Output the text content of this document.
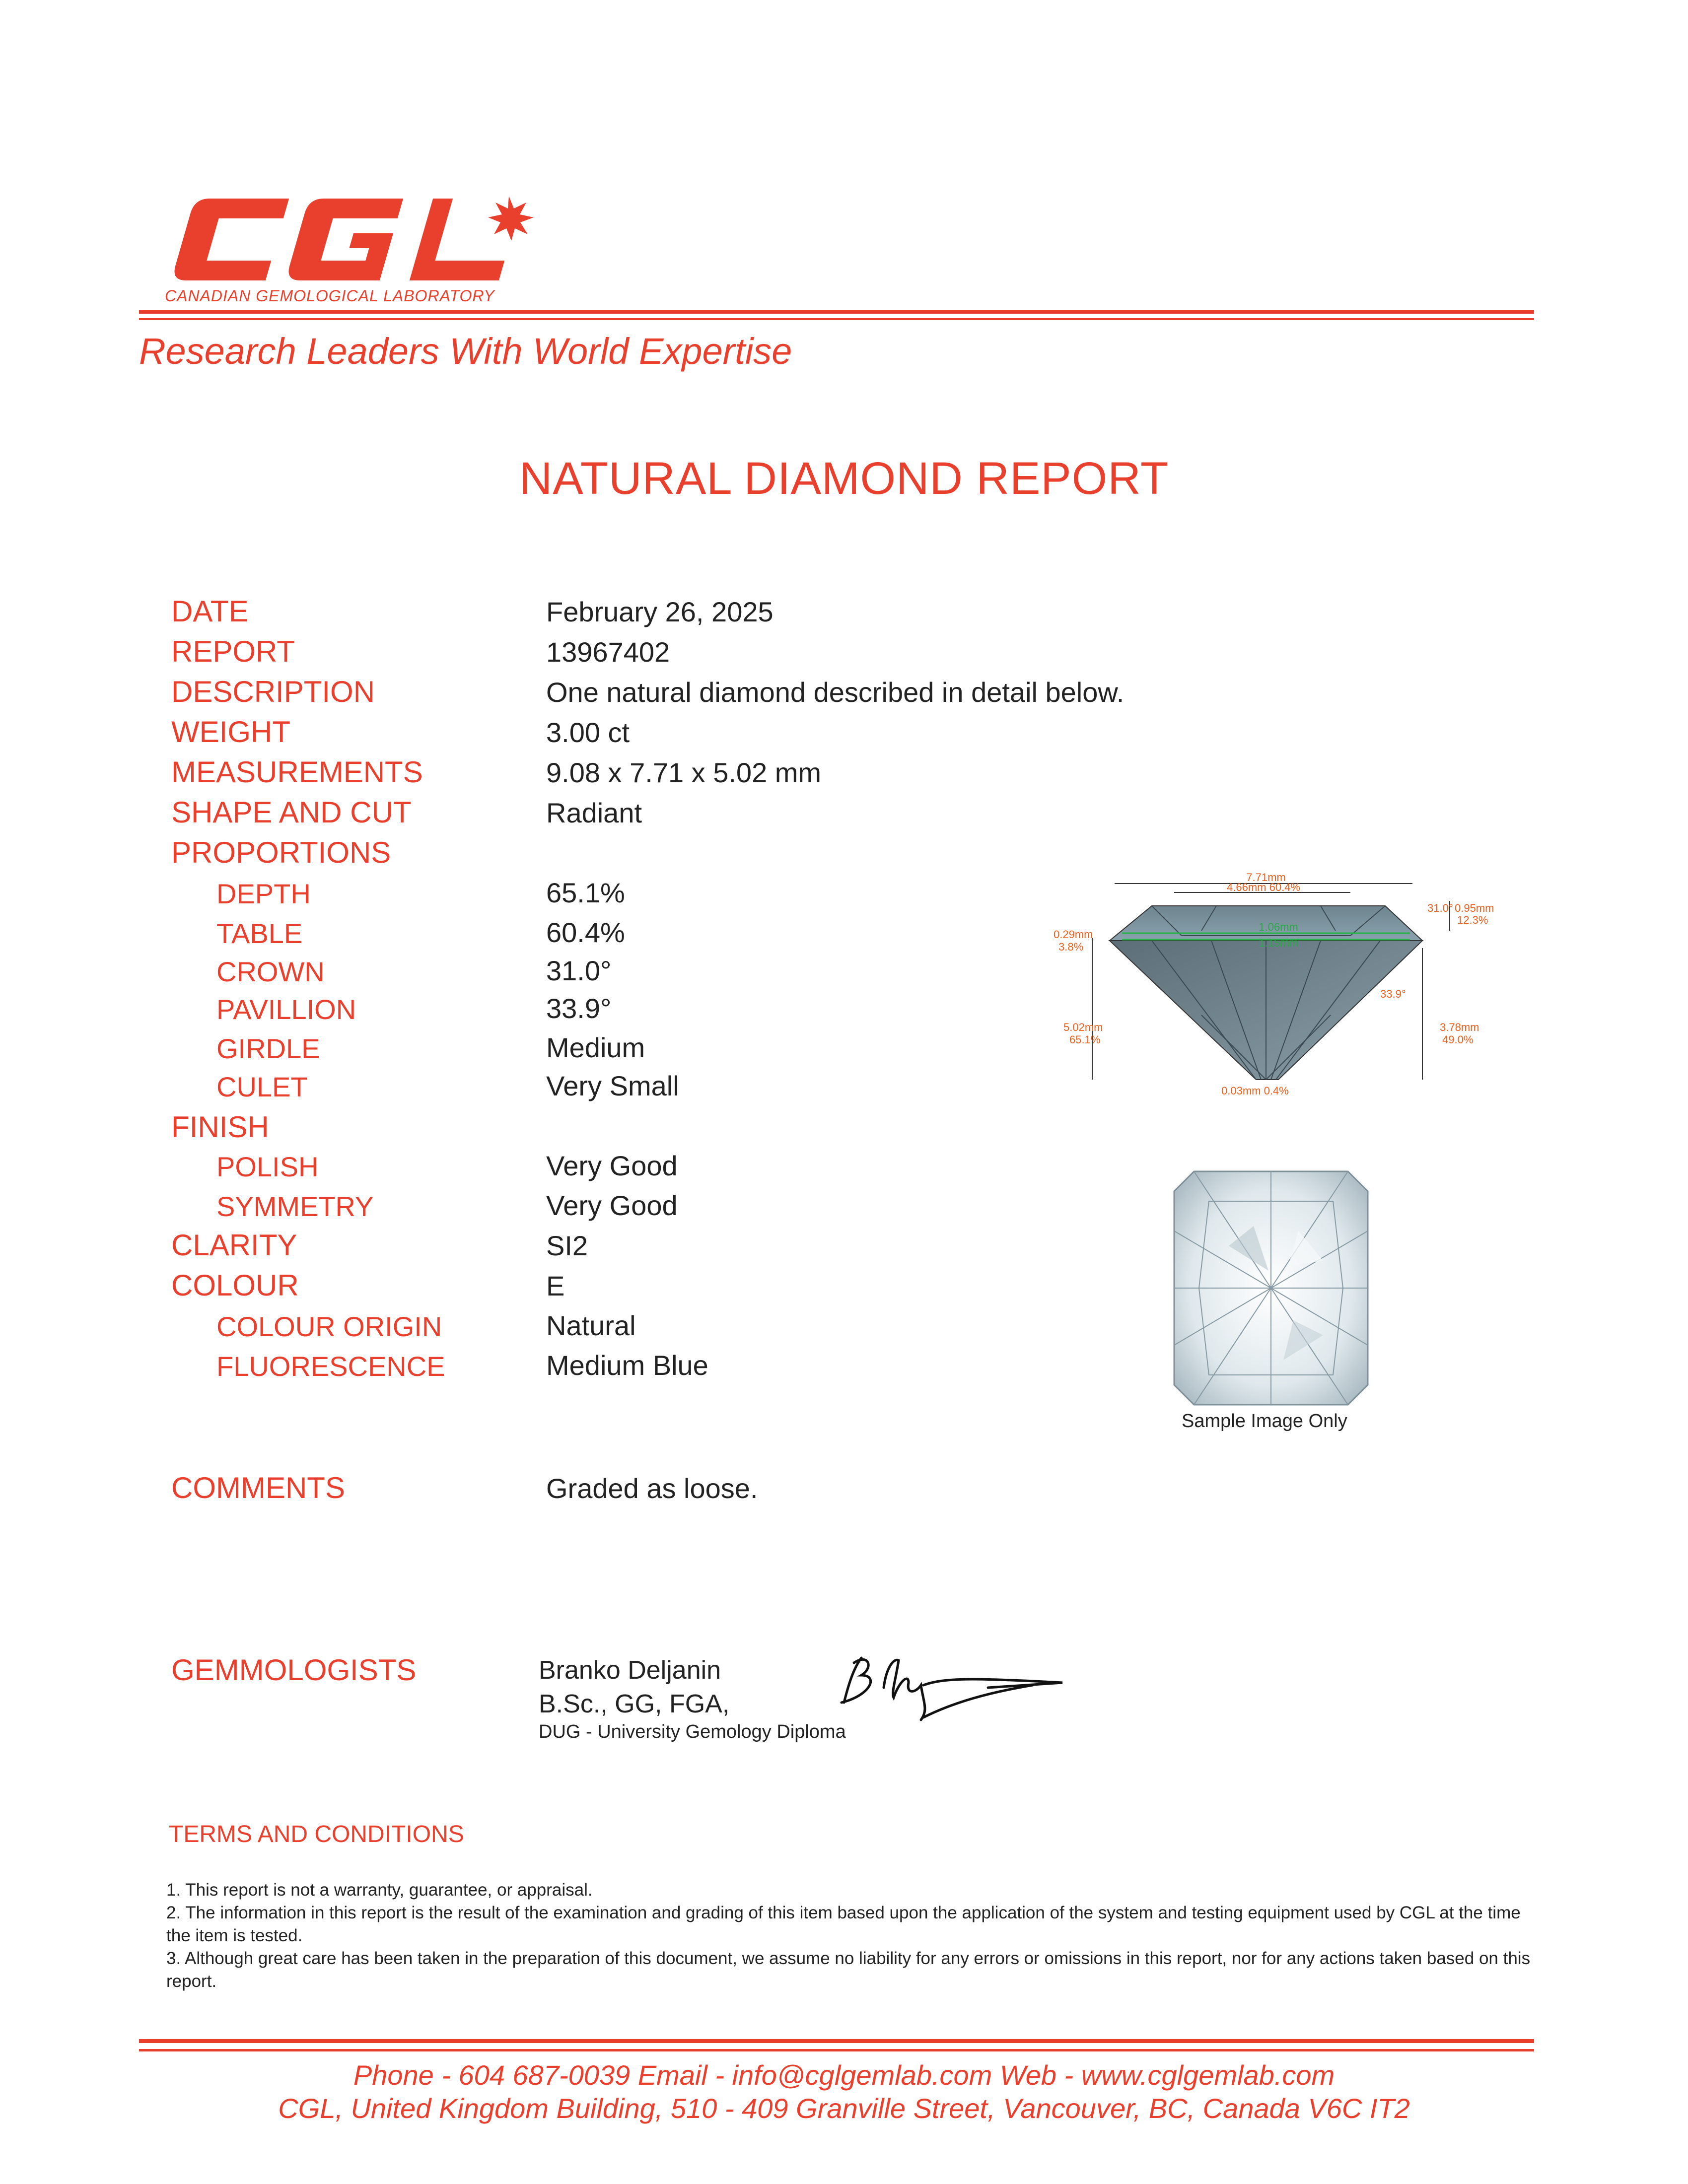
CANADIAN GEMOLOGICAL LABORATORY
Research Leaders With World Expertise
NATURAL DIAMOND REPORT
DATE	February 26, 2025
REPORT	13967402
DESCRIPTION	One natural diamond described in detail below.
WEIGHT	3.00 ct
MEASUREMENTS	9.08 x 7.71 x 5.02 mm
SHAPE AND CUT	Radiant
PROPORTIONS
DEPTH	65.1%
TABLE	60.4%
CROWN	31.0°
PAVILLION	33.9°
GIRDLE	Medium
CULET	Very Small
FINISH
POLISH	Very Good
SYMMETRY	Very Good
CLARITY	SI2
COLOUR	E
COLOUR ORIGIN	Natural
FLUORESCENCE	Medium Blue
COMMENTS	Graded as loose.
1.06mm
1.15mm
7.71mm
4.66mm 60.4%
31.0° 0.95mm
12.3%
0.29mm
3.8%
5.02mm
65.1%
33.9°
3.78mm
49.0%
0.03mm 0.4%
Sample Image Only
GEMMOLOGISTS	Branko Deljanin
B.Sc., GG, FGA,
DUG - University Gemology Diploma
TERMS AND CONDITIONS
1. This report is not a warranty, guarantee, or appraisal.
2. The information in this report is the result of the examination and grading of this item based upon the application of the system and testing equipment used by CGL at the time the item is tested.
3. Although great care has been taken in the preparation of this document, we assume no liability for any errors or omissions in this report, nor for any actions taken based on this report.
Phone - 604 687-0039 Email - info@cglgemlab.com Web - www.cglgemlab.com
CGL, United Kingdom Building, 510 - 409 Granville Street, Vancouver, BC, Canada V6C IT2
